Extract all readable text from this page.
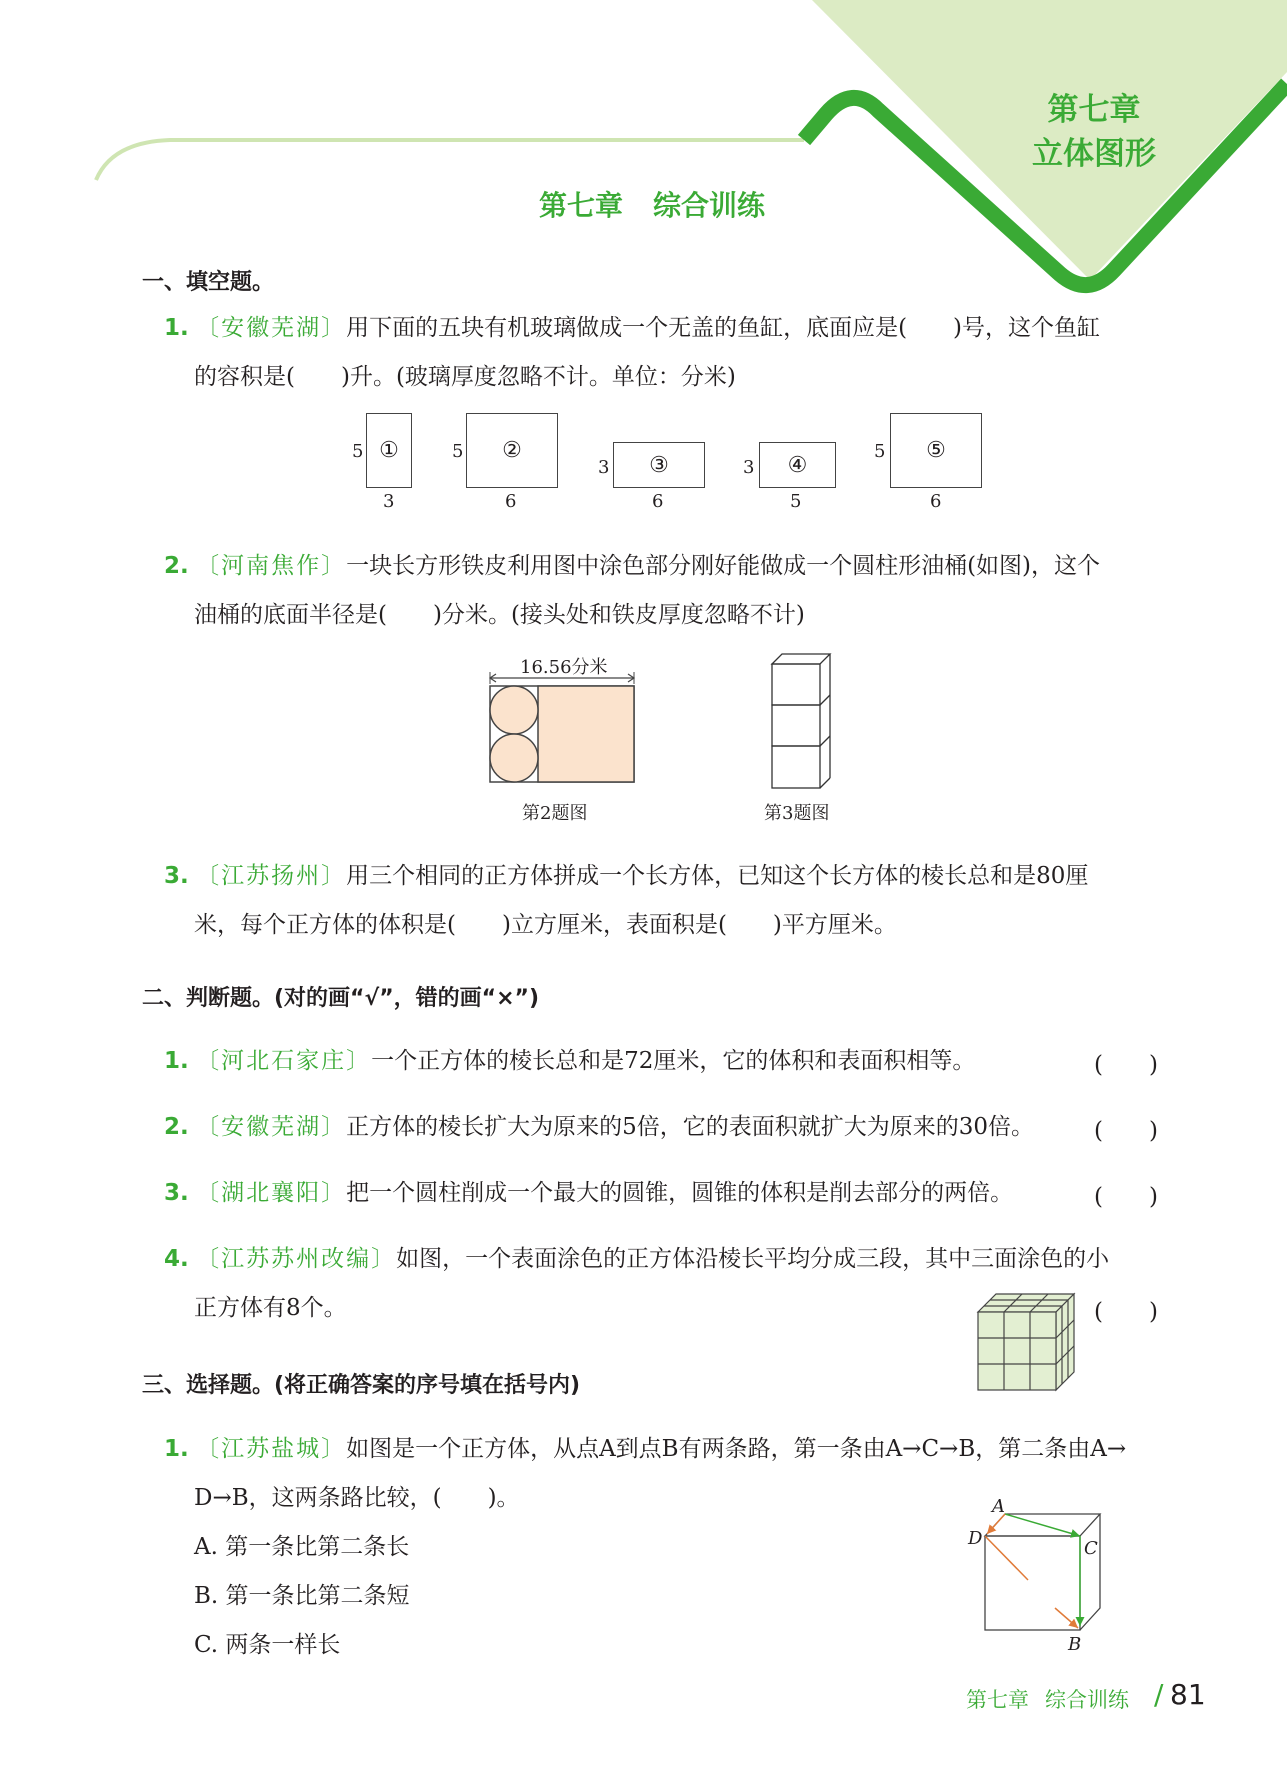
第七章
立体图形
第七章 综合训练
一、填空题。
1. 〔安徽芜湖〕用下面的五块有机玻璃做成一个无盖的鱼缸，底面应是(　　)号，这个鱼缸
的容积是(　　)升。(玻璃厚度忽略不计。单位：分米)
5 ①
3
5	②
6
3	③
6
3	④
5
5	⑤
6
2. 〔河南焦作〕一块长方形铁皮利用图中涂色部分刚好能做成一个圆柱形油桶(如图)，这个
油桶的底面半径是(　　)分米。(接头处和铁皮厚度忽略不计)
16.56分米
第2题图	第3题图
3. 〔江苏扬州〕用三个相同的正方体拼成一个长方体，已知这个长方体的棱长总和是80厘
米，每个正方体的体积是(　　)立方厘米，表面积是(　　)平方厘米。
二、判断题。(对的画“√”，错的画“×”)
1. 〔河北石家庄〕一个正方体的棱长总和是72厘米，它的体积和表面积相等。	(　　)
2. 〔安徽芜湖〕正方体的棱长扩大为原来的5倍，它的表面积就扩大为原来的30倍。	(　　)
3. 〔湖北襄阳〕把一个圆柱削成一个最大的圆锥，圆锥的体积是削去部分的两倍。	(　　)
4. 〔江苏苏州改编〕如图，一个表面涂色的正方体沿棱长平均分成三段，其中三面涂色的小
正方体有8个。	(　　)
三、选择题。(将正确答案的序号填在括号内)
1. 〔江苏盐城〕如图是一个正方体，从点A到点B有两条路，第一条由A→C→B，第二条由A→
D→B，这两条路比较，(　　)。
A. 第一条比第二条长
B. 第一条比第二条短
C. 两条一样长
A
D	C
B
第七章 综合训练 / 81
